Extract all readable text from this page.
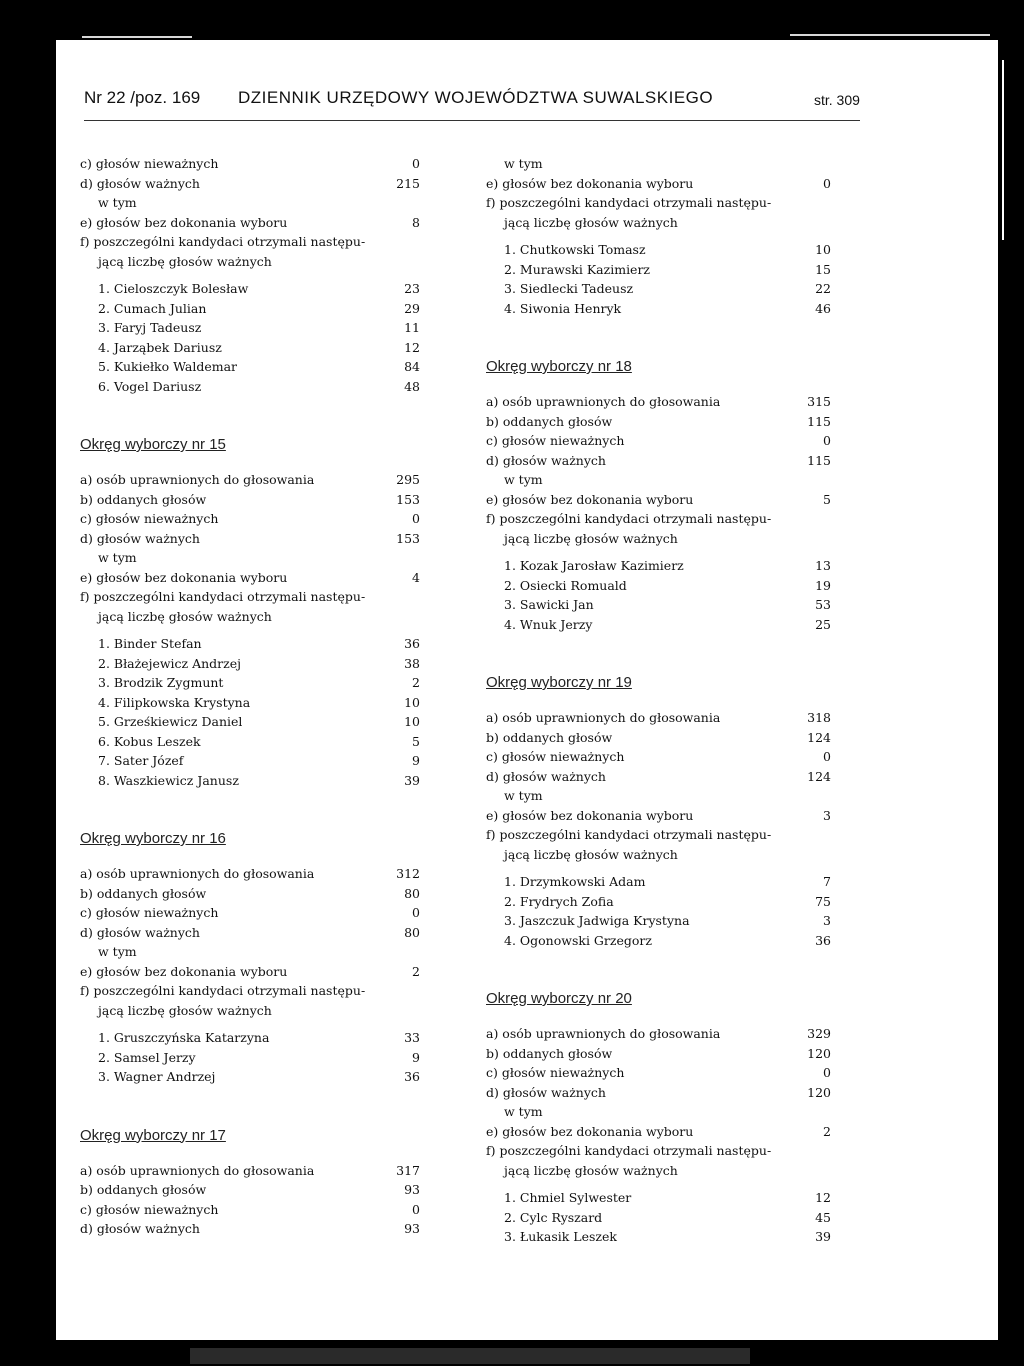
Nr 22 /poz. 169 DZIENNIK URZĘDOWY WOJEWÓDZTWA SUWALSKIEGO	str. 309
c) głosów nieważnych	0
d) głosów ważnych	215
w tym
e) głosów bez dokonania wyboru	8
f) poszczególni kandydaci otrzymali następu-
jącą liczbę głosów ważnych
1. Cieloszczyk Bolesław	23
2. Cumach Julian	29
3. Faryj Tadeusz	11
4. Jarząbek Dariusz	12
5. Kukiełko Waldemar	84
6. Vogel Dariusz	48
Okręg wyborczy nr 15
a) osób uprawnionych do głosowania	295
b) oddanych głosów	153
c) głosów nieważnych	0
d) głosów ważnych	153
w tym
e) głosów bez dokonania wyboru	4
f) poszczególni kandydaci otrzymali następu-
jącą liczbę głosów ważnych
1. Binder Stefan	36
2. Błażejewicz Andrzej	38
3. Brodzik Zygmunt	2
4. Filipkowska Krystyna	10
5. Grześkiewicz Daniel	10
6. Kobus Leszek	5
7. Sater Józef	9
8. Waszkiewicz Janusz	39
Okręg wyborczy nr 16
a) osób uprawnionych do głosowania	312
b) oddanych głosów	80
c) głosów nieważnych	0
d) głosów ważnych	80
w tym
e) głosów bez dokonania wyboru	2
f) poszczególni kandydaci otrzymali następu-
jącą liczbę głosów ważnych
1. Gruszczyńska Katarzyna	33
2. Samsel Jerzy	9
3. Wagner Andrzej	36
Okręg wyborczy nr 17
a) osób uprawnionych do głosowania	317
b) oddanych głosów	93
c) głosów nieważnych	0
d) głosów ważnych	93
w tym
e) głosów bez dokonania wyboru	0
f) poszczególni kandydaci otrzymali następu-
jącą liczbę głosów ważnych
1. Chutkowski Tomasz	10
2. Murawski Kazimierz	15
3. Siedlecki Tadeusz	22
4. Siwonia Henryk	46
Okręg wyborczy nr 18
a) osób uprawnionych do głosowania	315
b) oddanych głosów	115
c) głosów nieważnych	0
d) głosów ważnych	115
w tym
e) głosów bez dokonania wyboru	5
f) poszczególni kandydaci otrzymali następu-
jącą liczbę głosów ważnych
1. Kozak Jarosław Kazimierz	13
2. Osiecki Romuald	19
3. Sawicki Jan	53
4. Wnuk Jerzy	25
Okręg wyborczy nr 19
a) osób uprawnionych do głosowania	318
b) oddanych głosów	124
c) głosów nieważnych	0
d) głosów ważnych	124
w tym
e) głosów bez dokonania wyboru	3
f) poszczególni kandydaci otrzymali następu-
jącą liczbę głosów ważnych
1. Drzymkowski Adam	7
2. Frydrych Zofia	75
3. Jaszczuk Jadwiga Krystyna	3
4. Ogonowski Grzegorz	36
Okręg wyborczy nr 20
a) osób uprawnionych do głosowania	329
b) oddanych głosów	120
c) głosów nieważnych	0
d) głosów ważnych	120
w tym
e) głosów bez dokonania wyboru	2
f) poszczególni kandydaci otrzymali następu-
jącą liczbę głosów ważnych
1. Chmiel Sylwester	12
2. Cylc Ryszard	45
3. Łukasik Leszek	39
